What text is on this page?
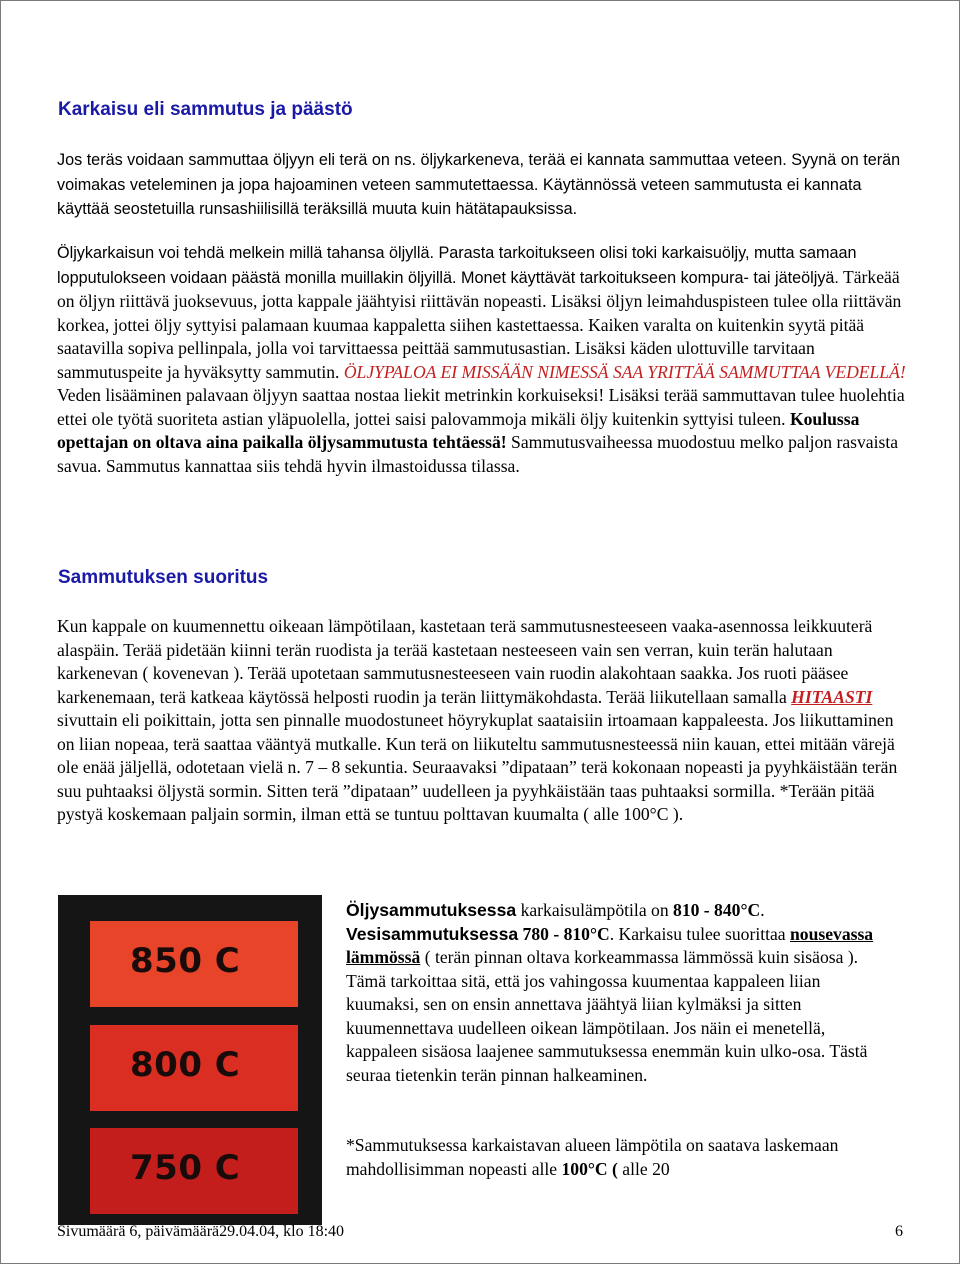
Karkaisu eli sammutus ja päästö

Jos teräs voidaan sammuttaa öljyyn eli terä on ns. öljykarkeneva, terää ei kannata sammuttaa veteen. Syynä on terän voimakas veteleminen ja jopa hajoaminen veteen sammutettaessa. Käytännössä veteen sammutusta ei kannata käyttää seostetuilla runsashiilisillä teräksillä muuta kuin hätätapauksissa.

Öljykarkaisun voi tehdä melkein millä tahansa öljyllä. Parasta tarkoitukseen olisi toki karkaisuöljy, mutta samaan lopputulokseen voidaan päästä monilla muillakin öljyillä. Monet käyttävät tarkoitukseen kompura- tai jäteöljyä. Tärkeää on öljyn riittävä juoksevuus, jotta kappale jäähtyisi riittävän nopeasti. Lisäksi öljyn leimahduspisteen tulee olla riittävän korkea, jottei öljy syttyisi palamaan kuumaa kappaletta siihen kastettaessa. Kaiken varalta on kuitenkin syytä pitää saatavilla sopiva pellinpala, jolla voi tarvittaessa peittää sammutusastian. Lisäksi käden ulottuville tarvitaan sammutuspeite ja hyväksytty sammutin. ÖLJYPALOA EI MISSÄÄN NIMESSÄ SAA YRITTÄÄ SAMMUTTAA VEDELLÄ! Veden lisääminen palavaan öljyyn saattaa nostaa liekit metrinkin korkuiseksi! Lisäksi terää sammuttavan tulee huolehtia ettei ole työtä suoriteta astian yläpuolella, jottei saisi palovammoja mikäli öljy kuitenkin syttyisi tuleen. Koulussa opettajan on oltava aina paikalla öljysammutusta tehtäessä! Sammutusvaiheessa muodostuu melko paljon rasvaista savua. Sammutus kannattaa siis tehdä hyvin ilmastoidussa tilassa.

Sammutuksen suoritus

Kun kappale on kuumennettu oikeaan lämpötilaan, kastetaan terä sammutusnesteeseen vaaka-asennossa leikkuuterä alaspäin. Terää pidetään kiinni terän ruodista ja terää kastetaan nesteeseen vain sen verran, kuin terän halutaan karkenevan ( kovenevan ). Terää upotetaan sammutusnesteeseen vain ruodin alakohtaan saakka. Jos ruoti pääsee karkenemaan, terä katkeaa käytössä helposti ruodin ja terän liittymäkohdasta. Terää liikutellaan samalla HITAASTI sivuttain eli poikittain, jotta sen pinnalle muodostuneet höyrykuplat saataisiin irtoamaan kappaleesta. Jos liikuttaminen on liian nopeaa, terä saattaa vääntyä mutkalle. Kun terä on liikuteltu sammutusnesteessä niin kauan, ettei mitään värejä ole enää jäljellä, odotetaan vielä n. 7 – 8 sekuntia. Seuraavaksi ”dipataan” terä kokonaan nopeasti ja pyyhkäistään terän suu puhtaaksi öljystä sormin. Sitten terä ”dipataan” uudelleen ja pyyhkäistään taas puhtaaksi sormilla. *Terään pitää pystyä koskemaan paljain sormin, ilman että se tuntuu polttavan kuumalta ( alle 100°C ).

850 C
800 C
750 C

Öljysammutuksessa karkaisulämpötila on 810 - 840°C.
Vesisammutuksessa 780 - 810°C. Karkaisu tulee suorittaa nousevassa lämmössä ( terän pinnan oltava korkeammassa lämmössä kuin sisäosa ). Tämä tarkoittaa sitä, että jos vahingossa kuumentaa kappaleen liian kuumaksi, sen on ensin annettava jäähtyä liian kylmäksi ja sitten kuumennettava uudelleen oikean lämpötilaan. Jos näin ei menetellä, kappaleen sisäosa laajenee sammutuksessa enemmän kuin ulko-osa. Tästä seuraa tietenkin terän pinnan halkeaminen.

*Sammutuksessa karkaistavan alueen lämpötila on saatava laskemaan mahdollisimman nopeasti alle 100°C ( alle 20

Sivumäärä 6, päivämäärä29.04.04, klo 18:40	6
